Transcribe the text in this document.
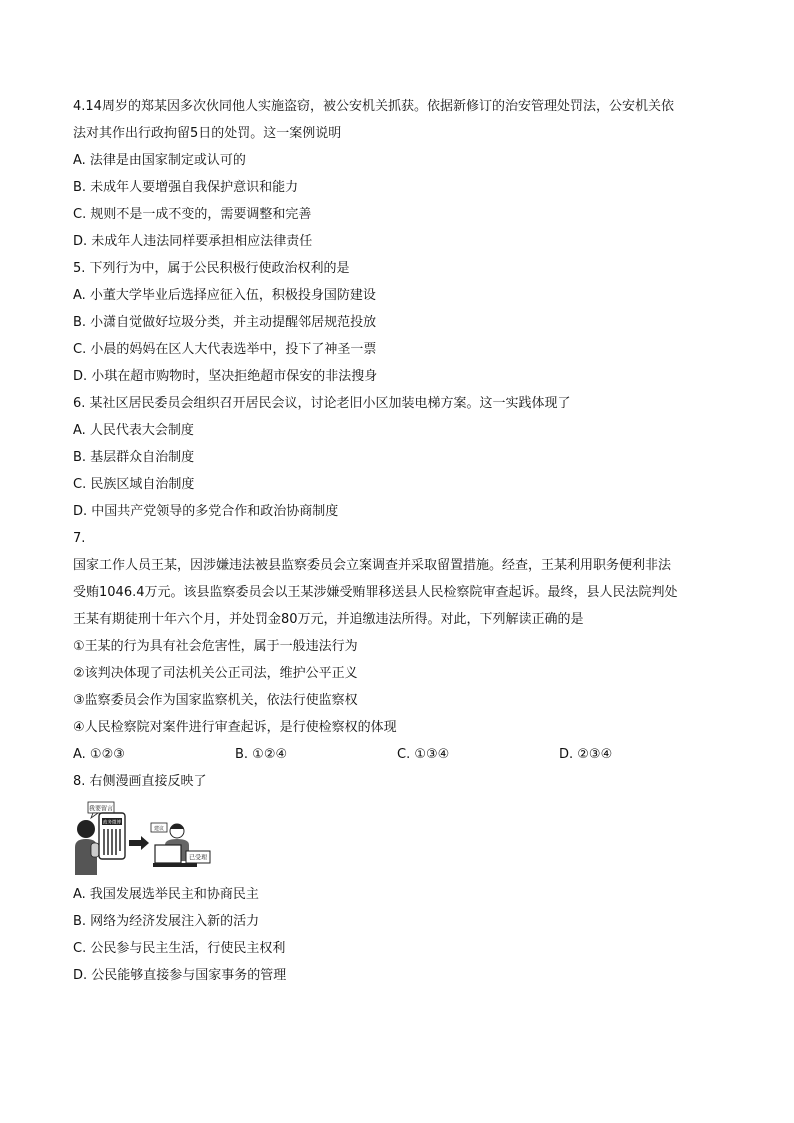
4.14周岁的郑某因多次伙同他人实施盗窃，被公安机关抓获。依据新修订的治安管理处罚法，公安机关依
法对其作出行政拘留5日的处罚。这一案例说明
A. 法律是由国家制定或认可的
B. 未成年人要增强自我保护意识和能力
C. 规则不是一成不变的，需要调整和完善
D. 未成年人违法同样要承担相应法律责任
5. 下列行为中，属于公民积极行使政治权利的是
A. 小董大学毕业后选择应征入伍，积极投身国防建设
B. 小潇自觉做好垃圾分类，并主动提醒邻居规范投放
C. 小晨的妈妈在区人大代表选举中，投下了神圣一票
D. 小琪在超市购物时，坚决拒绝超市保安的非法搜身
6. 某社区居民委员会组织召开居民会议，讨论老旧小区加装电梯方案。这一实践体现了
A. 人民代表大会制度
B. 基层群众自治制度
C. 民族区域自治制度
D. 中国共产党领导的多党合作和政治协商制度
7.
国家工作人员王某，因涉嫌违法被县监察委员会立案调查并采取留置措施。经查，王某利用职务便利非法
受贿1046.4万元。该县监察委员会以王某涉嫌受贿罪移送县人民检察院审查起诉。最终，县人民法院判处
王某有期徒刑十年六个月，并处罚金80万元，并追缴违法所得。对此，下列解读正确的是
①王某的行为具有社会危害性，属于一般违法行为
②该判决体现了司法机关公正司法，维护公平正义
③监察委员会作为国家监察机关，依法行使监察权
④人民检察院对案件进行审查起诉，是行使检察权的体现
A. ①②③	B. ①②④	C. ①③④	D. ②③④
8. 右侧漫画直接反映了
我要留言
政务微博
建议
已受理
A. 我国发展选举民主和协商民主
B. 网络为经济发展注入新的活力
C. 公民参与民主生活，行使民主权利
D. 公民能够直接参与国家事务的管理
